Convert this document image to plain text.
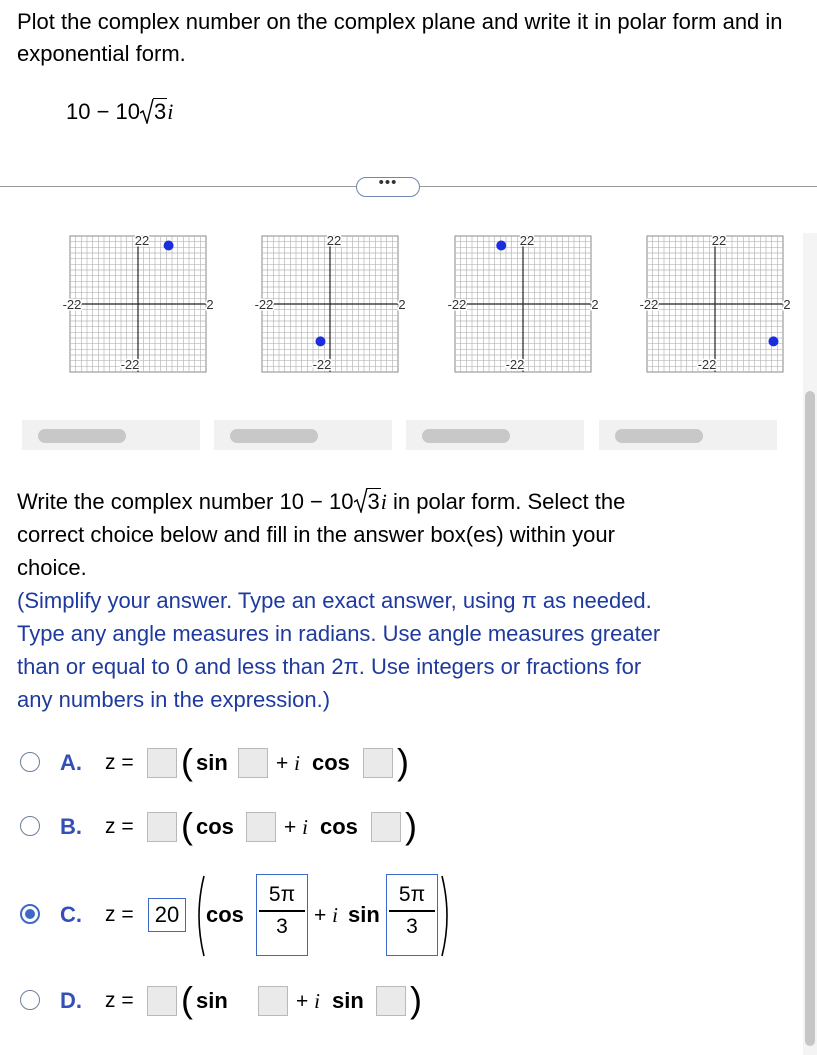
Plot the complex number on the complex plane and write it in polar form and in exponential form.
10 − 10 3i
•••
22
-22	2
-22
22
-22	2
-22
22
-22	2
-22
22
-22	2
-22
Write the complex number 10 − 10 3i in polar form. Select the
correct choice below and fill in the answer box(es) within your
choice.
(Simplify your answer. Type an exact answer, using π as needed.
Type any angle measures in radians. Use angle measures greater
than or equal to 0 and less than 2π. Use integers or fractions for
any numbers in the expression.)
A. z = ( sin + i cos )
B. z = ( cos + i cos )
C. z = 20	cos
5π
3	+ i sin
5π
3
D. z = ( sin	+ i sin )
